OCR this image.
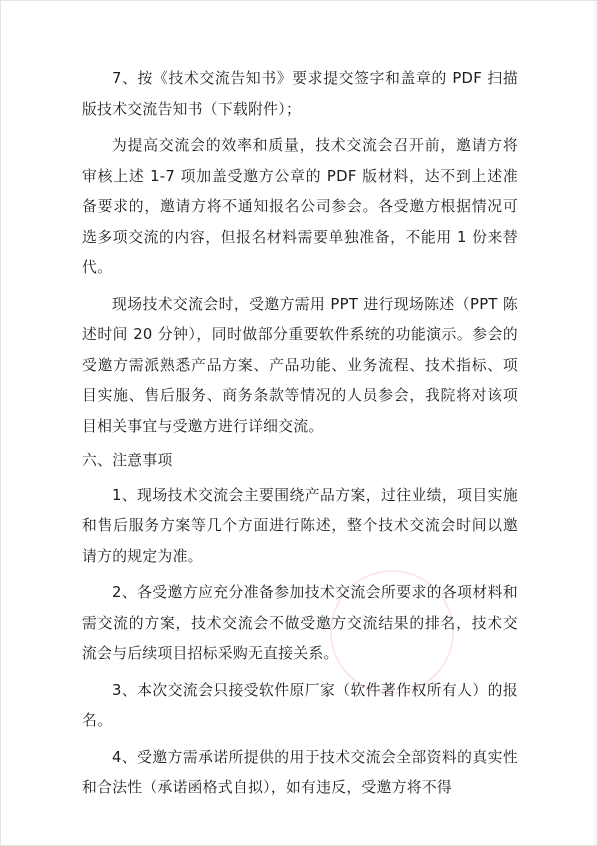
7、按《技术交流告知书》要求提交签字和盖章的 PDF 扫描版技术交流告知书（下载附件）；

为提高交流会的效率和质量，技术交流会召开前，邀请方将审核上述 1-7 项加盖受邀方公章的 PDF 版材料，达不到上述准备要求的，邀请方将不通知报名公司参会。各受邀方根据情况可选多项交流的内容，但报名材料需要单独准备，不能用 1 份来替代。

现场技术交流会时，受邀方需用 PPT 进行现场陈述（PPT 陈述时间 20 分钟），同时做部分重要软件系统的功能演示。参会的受邀方需派熟悉产品方案、产品功能、业务流程、技术指标、项目实施、售后服务、商务条款等情况的人员参会，我院将对该项目相关事宜与受邀方进行详细交流。

六、注意事项

1、现场技术交流会主要围绕产品方案，过往业绩，项目实施和售后服务方案等几个方面进行陈述，整个技术交流会时间以邀请方的规定为准。

2、各受邀方应充分准备参加技术交流会所要求的各项材料和需交流的方案，技术交流会不做受邀方交流结果的排名，技术交流会与后续项目招标采购无直接关系。

3、本次交流会只接受软件原厂家（软件著作权所有人）的报名。

4、受邀方需承诺所提供的用于技术交流会全部资料的真实性和合法性（承诺函格式自拟），如有违反，受邀方将不得
